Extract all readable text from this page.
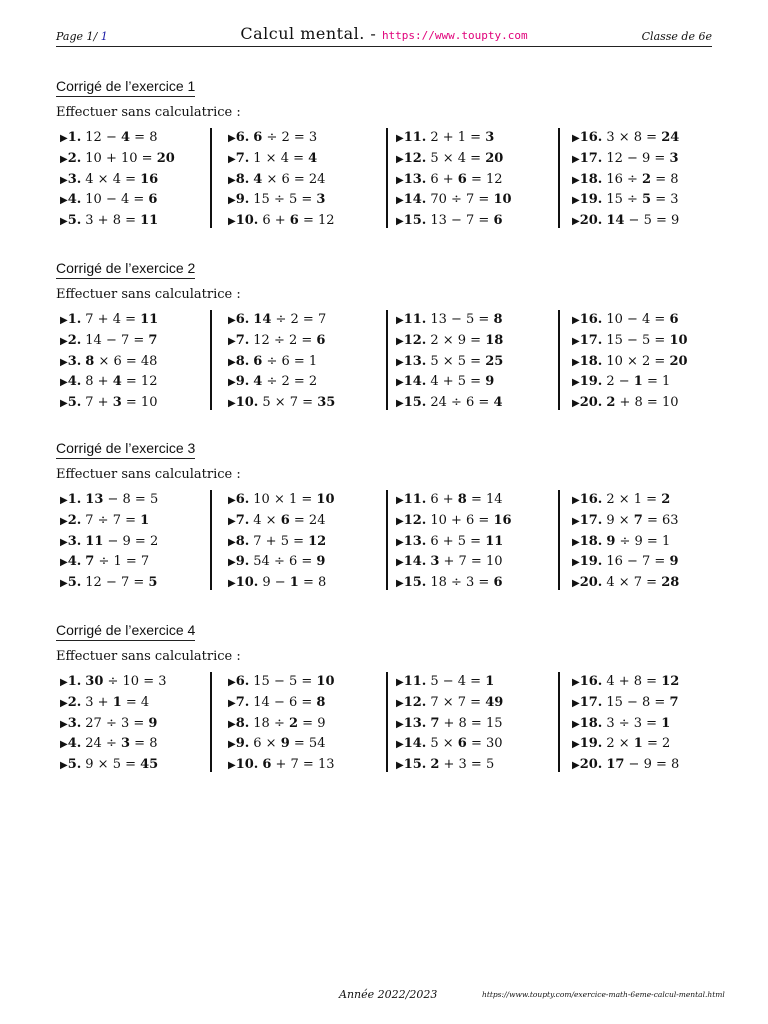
Page 1/ 1	Calcul mental. - https://www.toupty.com	Classe de 6e
Corrigé de l’exercice 1
Effectuer sans calculatrice :
▶1. 12 − 4 = 8
▶2. 10 + 10 = 20
▶3. 4 × 4 = 16
▶4. 10 − 4 = 6
▶5. 3 + 8 = 11
▶6. 6 ÷ 2 = 3
▶7. 1 × 4 = 4
▶8. 4 × 6 = 24
▶9. 15 ÷ 5 = 3
▶10. 6 + 6 = 12
▶11. 2 + 1 = 3
▶12. 5 × 4 = 20
▶13. 6 + 6 = 12
▶14. 70 ÷ 7 = 10
▶15. 13 − 7 = 6
▶16. 3 × 8 = 24
▶17. 12 − 9 = 3
▶18. 16 ÷ 2 = 8
▶19. 15 ÷ 5 = 3
▶20. 14 − 5 = 9
Corrigé de l’exercice 2
Effectuer sans calculatrice :
▶1. 7 + 4 = 11
▶2. 14 − 7 = 7
▶3. 8 × 6 = 48
▶4. 8 + 4 = 12
▶5. 7 + 3 = 10
▶6. 14 ÷ 2 = 7
▶7. 12 ÷ 2 = 6
▶8. 6 ÷ 6 = 1
▶9. 4 ÷ 2 = 2
▶10. 5 × 7 = 35
▶11. 13 − 5 = 8
▶12. 2 × 9 = 18
▶13. 5 × 5 = 25
▶14. 4 + 5 = 9
▶15. 24 ÷ 6 = 4
▶16. 10 − 4 = 6
▶17. 15 − 5 = 10
▶18. 10 × 2 = 20
▶19. 2 − 1 = 1
▶20. 2 + 8 = 10
Corrigé de l’exercice 3
Effectuer sans calculatrice :
▶1. 13 − 8 = 5
▶2. 7 ÷ 7 = 1
▶3. 11 − 9 = 2
▶4. 7 ÷ 1 = 7
▶5. 12 − 7 = 5
▶6. 10 × 1 = 10
▶7. 4 × 6 = 24
▶8. 7 + 5 = 12
▶9. 54 ÷ 6 = 9
▶10. 9 − 1 = 8
▶11. 6 + 8 = 14
▶12. 10 + 6 = 16
▶13. 6 + 5 = 11
▶14. 3 + 7 = 10
▶15. 18 ÷ 3 = 6
▶16. 2 × 1 = 2
▶17. 9 × 7 = 63
▶18. 9 ÷ 9 = 1
▶19. 16 − 7 = 9
▶20. 4 × 7 = 28
Corrigé de l’exercice 4
Effectuer sans calculatrice :
▶1. 30 ÷ 10 = 3
▶2. 3 + 1 = 4
▶3. 27 ÷ 3 = 9
▶4. 24 ÷ 3 = 8
▶5. 9 × 5 = 45
▶6. 15 − 5 = 10
▶7. 14 − 6 = 8
▶8. 18 ÷ 2 = 9
▶9. 6 × 9 = 54
▶10. 6 + 7 = 13
▶11. 5 − 4 = 1
▶12. 7 × 7 = 49
▶13. 7 + 8 = 15
▶14. 5 × 6 = 30
▶15. 2 + 3 = 5
▶16. 4 + 8 = 12
▶17. 15 − 8 = 7
▶18. 3 ÷ 3 = 1
▶19. 2 × 1 = 2
▶20. 17 − 9 = 8
Année 2022/2023	https://www.toupty.com/exercice-math-6eme-calcul-mental.html
